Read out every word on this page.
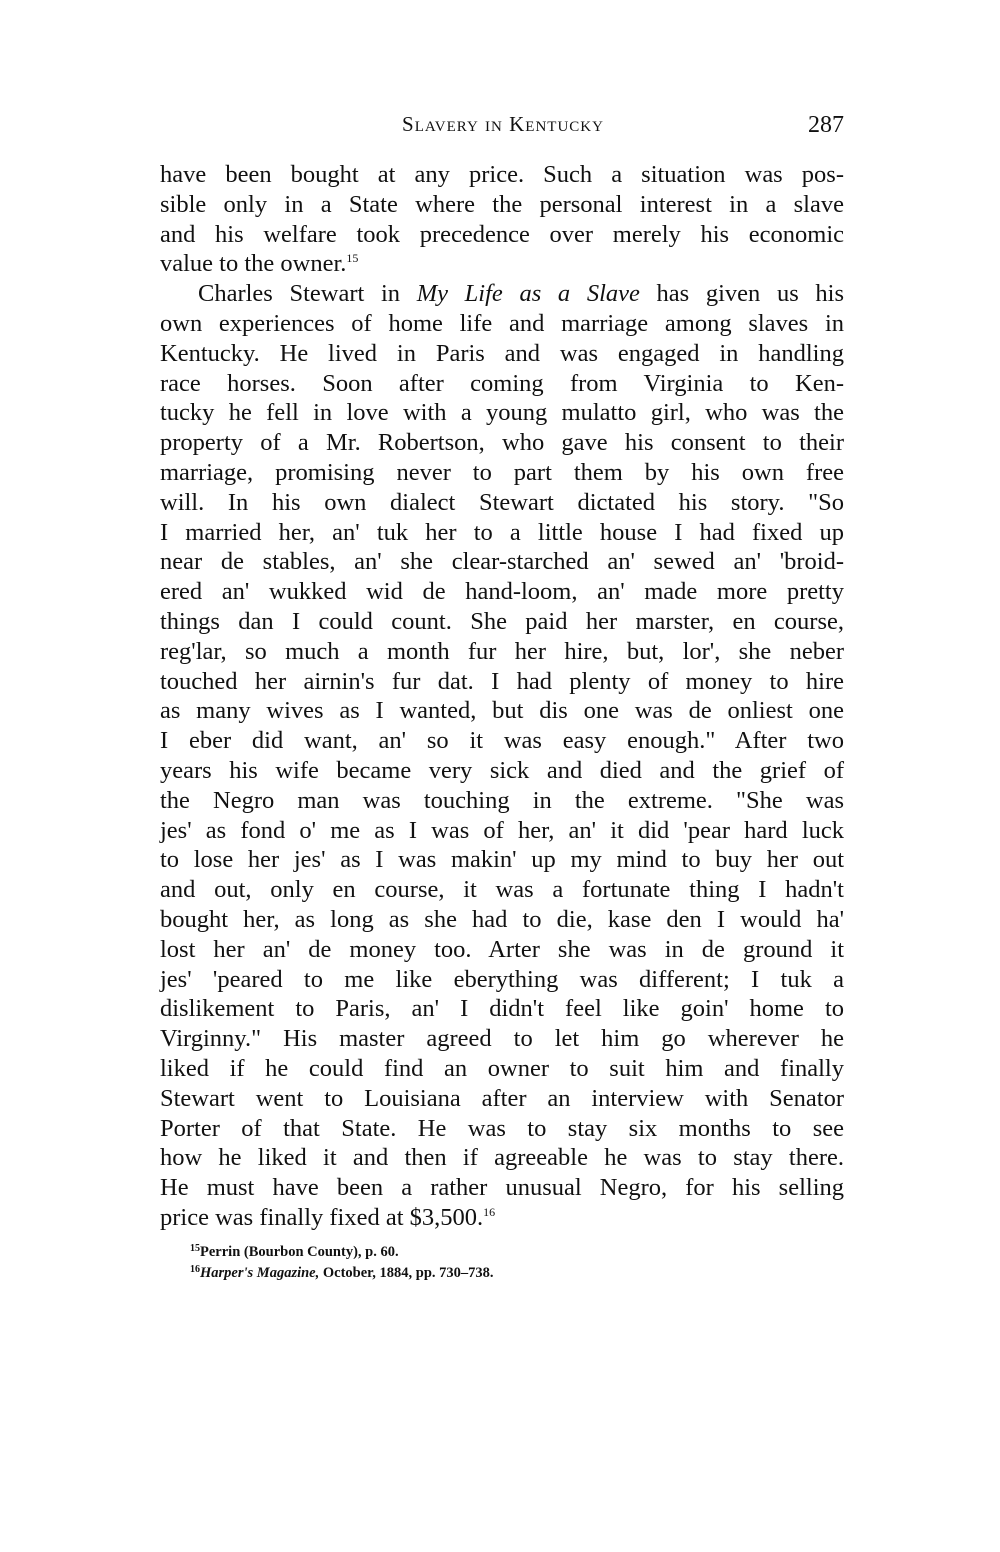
Slavery in Kentucky	287
have been bought at any price. Such a situation was pos-
sible only in a State where the personal interest in a slave
and his welfare took precedence over merely his economic
value to the owner.$^{15}$
Charles Stewart in My Life as a Slave has given us his
own experiences of home life and marriage among slaves in
Kentucky. He lived in Paris and was engaged in handling
race horses. Soon after coming from Virginia to Ken-
tucky he fell in love with a young mulatto girl, who was the
property of a Mr. Robertson, who gave his consent to their
marriage, promising never to part them by his own free
will. In his own dialect Stewart dictated his story. "So
I married her, an' tuk her to a little house I had fixed up
near de stables, an' she clear-starched an' sewed an' 'broid-
ered an' wukked wid de hand-loom, an' made more pretty
things dan I could count. She paid her marster, en course,
reg'lar, so much a month fur her hire, but, lor', she neber
touched her airnin's fur dat. I had plenty of money to hire
as many wives as I wanted, but dis one was de onliest one
I eber did want, an' so it was easy enough." After two
years his wife became very sick and died and the grief of
the Negro man was touching in the extreme. "She was
jes' as fond o' me as I was of her, an' it did 'pear hard luck
to lose her jes' as I was makin' up my mind to buy her out
and out, only en course, it was a fortunate thing I hadn't
bought her, as long as she had to die, kase den I would ha'
lost her an' de money too. Arter she was in de ground it
jes' 'peared to me like eberything was different; I tuk a
dislikement to Paris, an' I didn't feel like goin' home to
Virginny." His master agreed to let him go wherever he
liked if he could find an owner to suit him and finally
Stewart went to Louisiana after an interview with Senator
Porter of that State. He was to stay six months to see
how he liked it and then if agreeable he was to stay there.
He must have been a rather unusual Negro, for his selling
price was finally fixed at $3,500.16
$^{15}$Perrin (Bourbon County), p. 60.
$^{16}$Harper's Magazine, October, 1884, pp. 730–738.
